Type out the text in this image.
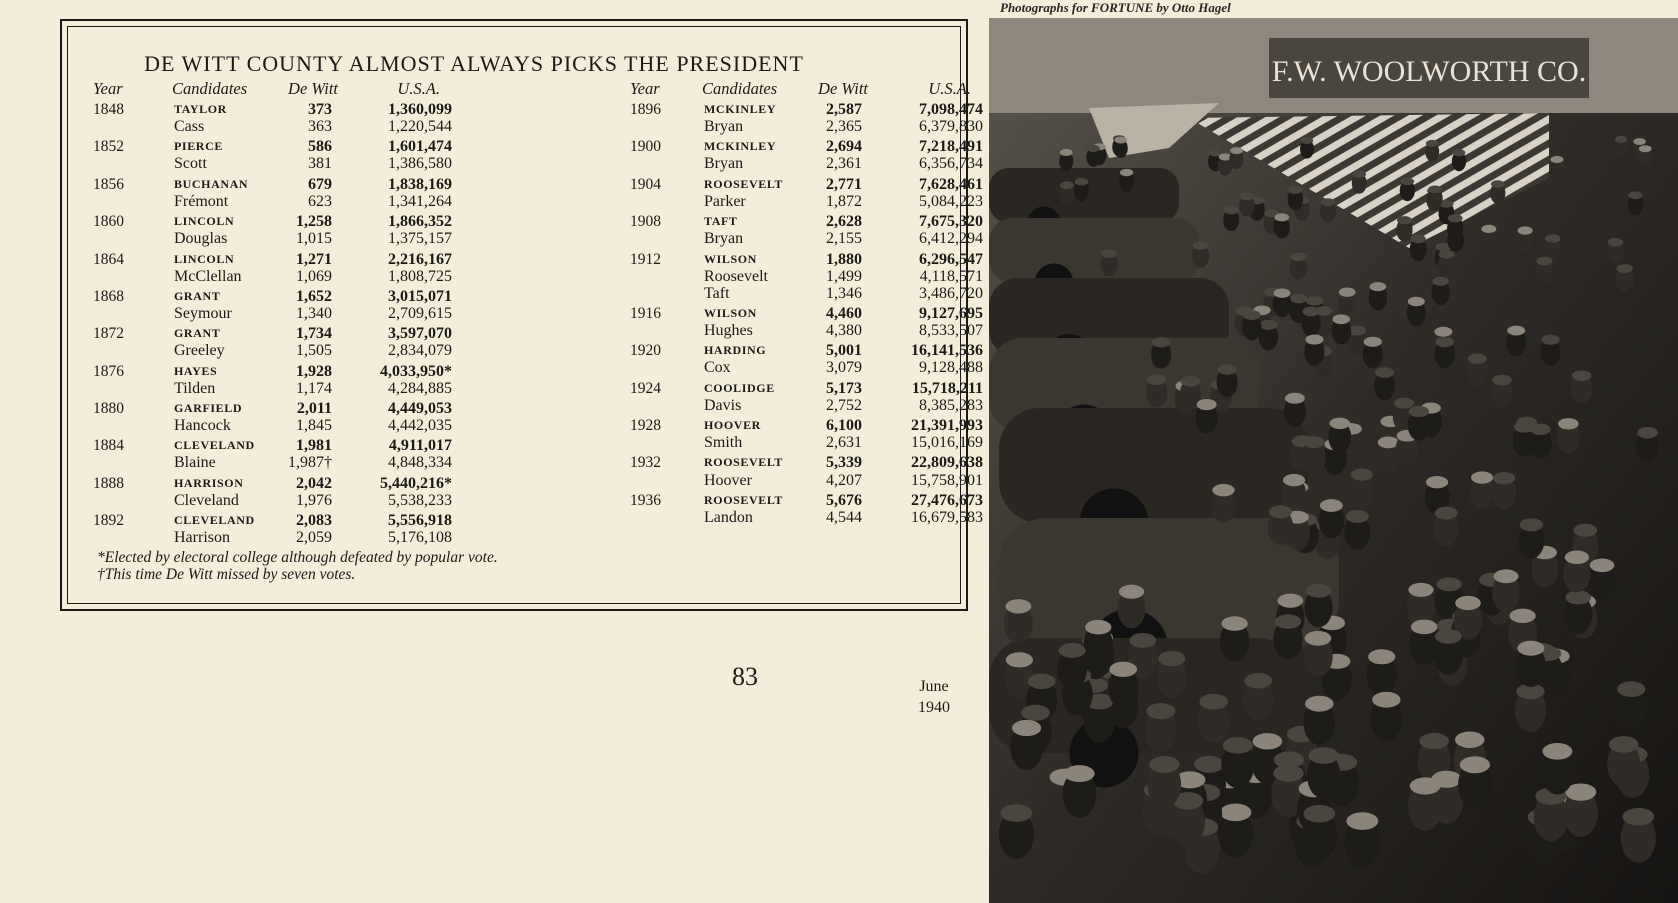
Photographs for FORTUNE by Otto Hagel
DE WITT COUNTY ALMOST ALWAYS PICKS THE PRESIDENT
Year	Candidates De Witt	U.S.A.
1848	TAYLOR	373	1,360,099
Cass	363	1,220,544
1852	PIERCE	586	1,601,474
Scott	381	1,386,580
1856	BUCHANAN	679	1,838,169
Frémont	623	1,341,264
1860	LINCOLN	1,258	1,866,352
Douglas	1,015	1,375,157
1864	LINCOLN	1,271	2,216,167
McClellan	1,069	1,808,725
1868	GRANT	1,652	3,015,071
Seymour	1,340	2,709,615
1872	GRANT	1,734	3,597,070
Greeley	1,505	2,834,079
1876	HAYES	1,928	4,033,950*
Tilden	1,174	4,284,885
1880	GARFIELD	2,011	4,449,053
Hancock	1,845	4,442,035
1884	CLEVELAND	1,981	4,911,017
Blaine	1,987†	4,848,334
1888	HARRISON	2,042	5,440,216*
Cleveland	1,976	5,538,233
1892	CLEVELAND	2,083	5,556,918
Harrison	2,059	5,176,108
Year	Candidates De Witt	U.S.A.
1896	MCKINLEY	2,587	7,098,474
Bryan	2,365	6,379,830
1900	MCKINLEY	2,694	7,218,491
Bryan	2,361	6,356,734
1904	ROOSEVELT	2,771	7,628,461
Parker	1,872	5,084,223
1908	TAFT	2,628	7,675,320
Bryan	2,155	6,412,294
1912	WILSON	1,880	6,296,547
Roosevelt	1,499	4,118,571
Taft	1,346	3,486,720
1916	WILSON	4,460	9,127,695
Hughes	4,380	8,533,507
1920	HARDING	5,001	16,141,536
Cox	3,079	9,128,488
1924	COOLIDGE	5,173	15,718,211
Davis	2,752	8,385,283
1928	HOOVER	6,100	21,391,993
Smith	2,631	15,016,169
1932	ROOSEVELT	5,339	22,809,638
Hoover	4,207	15,758,901
1936	ROOSEVELT	5,676	27,476,673
Landon	4,544	16,679,583
*Elected by electoral college although defeated by popular vote.
†This time De Witt missed by seven votes.
83	June
1940
F.W. WOOLWORTH CO.
